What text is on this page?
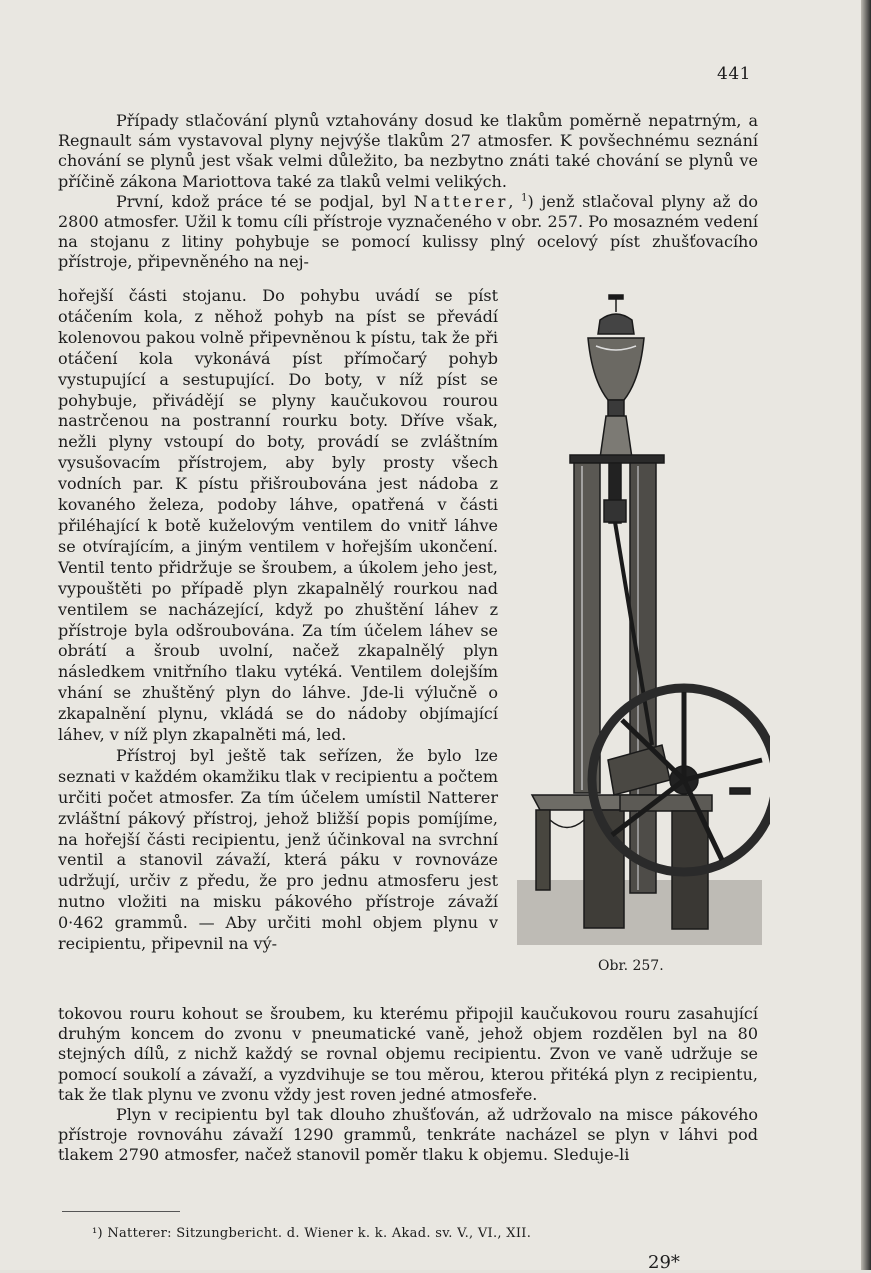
441

Případy stlačování plynů vztahovány dosud ke tlakům poměrně nepatrným, a Regnault sám vystavoval plyny nejvýše tlakům 27 atmosfer. K povšechnému seznání chování se plynů jest však velmi důležito, ba nezbytno znáti také chování se plynů ve příčině zákona Mariottova také za tlaků velmi velikých.

První, kdož práce té se podjal, byl Natterer, $^1$) jenž stlačoval plyny až do 2800 atmosfer. Užil k tomu cíli přístroje vyznačeného v obr. 257. Po mosazném vedení na stojanu z litiny pohybuje se pomocí kulissy plný ocelový píst zhušťovacího přístroje, připevněného na nej-

hořejší části stojanu. Do pohybu uvádí se píst otáčením kola, z něhož pohyb na píst se převádí kolenovou pakou volně připevněnou k pístu, tak že při otáčení kola vykonává píst přímočarý pohyb vystupující a sestupující. Do boty, v níž píst se pohybuje, přivádějí se plyny kaučukovou rourou nastrčenou na postranní rourku boty. Dříve však, nežli plyny vstoupí do boty, provádí se zvláštním vysušovacím přístrojem, aby byly prosty všech vodních par. K pístu přišroubována jest nádoba z kovaného železa, podoby láhve, opatřená v části přiléhající k botě kuželovým ventilem do vnitř láhve se otvírajícím, a jiným ventilem v hořejším ukončení. Ventil tento přidržuje se šroubem, a úkolem jeho jest, vypouštěti po případě plyn zkapalnělý rourkou nad ventilem se nacházející, když po zhuštění láhev z přístroje byla odšroubována. Za tím účelem láhev se obrátí a šroub uvolní, načež zkapalnělý plyn následkem vnitřního tlaku vytéká. Ventilem dolejším vhání se zhuštěný plyn do láhve. Jde-li výlučně o zkapalnění plynu, vkládá se do nádoby objímající láhev, v níž plyn zkapalněti má, led.

Přístroj byl ještě tak seřízen, že bylo lze seznati v každém okamžiku tlak v recipientu a počtem určiti počet atmosfer. Za tím účelem umístil Natterer zvláštní pákový přístroj, jehož bližší popis pomíjíme, na hořejší části recipientu, jenž účinkoval na svrchní ventil a stanovil závaží, která páku v rovnováze udržují, určiv z předu, že pro jednu atmosferu jest nutno vložiti na misku pákového přístroje závaží 0·462 grammů. — Aby určiti mohl objem plynu v recipientu, připevnil na vý-

Obr. 257.

tokovou rouru kohout se šroubem, ku kterému připojil kaučukovou rouru zasahující druhým koncem do zvonu v pneumatické vaně, jehož objem rozdělen byl na 80 stejných dílů, z nichž každý se rovnal objemu recipientu. Zvon ve vaně udržuje se pomocí soukolí a závaží, a vyzdvihuje se tou měrou, kterou přitéká plyn z recipientu, tak že tlak plynu ve zvonu vždy jest roven jedné atmosfeře.

Plyn v recipientu byl tak dlouho zhušťován, až udržovalo na misce pákového přístroje rovnováhu závaží 1290 grammů, tenkráte nacházel se plyn v láhvi pod tlakem 2790 atmosfer, načež stanovil poměr tlaku k objemu. Sleduje-li

¹) Natterer: Sitzungbericht. d. Wiener k. k. Akad. sv. V., VI., XII.
29*
